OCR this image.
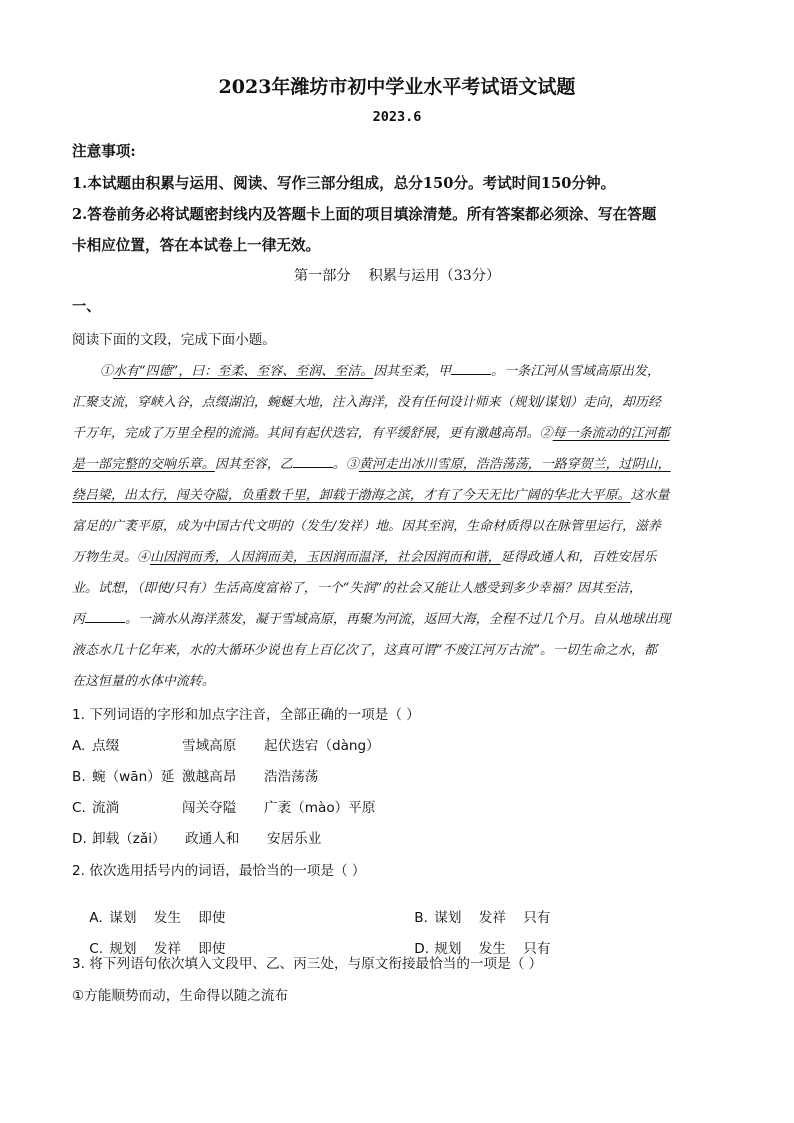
2023年潍坊市初中学业水平考试语文试题
2023.6
注意事项:
1.本试题由积累与运用、阅读、写作三部分组成，总分150分。考试时间150分钟。
2.答卷前务必将试题密封线内及答题卡上面的项目填涂清楚。所有答案都必须涂、写在答题
卡相应位置，答在本试卷上一律无效。
第一部分    积累与运用（33分）
一、
阅读下面的文段，完成下面小题。
①水有“四德”，曰：至柔、至容、至润、至洁。因其至柔，甲	。一条江河从雪域高原出发，
汇聚支流，穿峡入谷，点缀湖泊，蜿蜒大地，注入海洋，没有任何设计师来（规划/谋划）走向，却历经
千万年，完成了万里全程的流淌。其间有起伏迭宕，有平缓舒展，更有激越高昂。②每一条流动的江河都
是一部完整的交响乐章。因其至容，乙	。③黄河走出冰川雪原，浩浩荡荡，一路穿贺兰，过阴山，
绕吕梁，出太行，闯关夺隘，负重数千里，卸载于渤海之滨，才有了今天无比广阔的华北大平原。这水量
富足的广袤平原，成为中国古代文明的（发生/发祥）地。因其至润，生命材质得以在脉管里运行，滋养
万物生灵。④山因润而秀，人因润而美，玉因润而温泽，社会因润而和谐，延得政通人和，百姓安居乐
业。试想，（即使/只有）生活高度富裕了，一个“失润”的社会又能让人感受到多少幸福？因其至洁，
丙	。一滴水从海洋蒸发，凝于雪域高原，再聚为河流，返回大海，全程不过几个月。自从地球出现
液态水几十亿年来，水的大循环少说也有上百亿次了，这真可谓“不废江河万古流”。一切生命之水，都
在这恒量的水体中流转。
1. 下列词语的字形和加点字注音，全部正确的一项是（ ）
A. 点缀	雪域高原 起伏迭宕（dàng）
B. 蜿（wān）延 激越高昂 浩浩荡荡
C. 流淌	闯关夺隘 广袤（mào）平原
D. 卸载（zǎi） 政通人和 安居乐业
2. 依次选用括号内的词语，最恰当的一项是（ ）

A. 谋划    发生    即使
	B. 谋划    发祥    只有

C. 规划    发祥    即使
	D. 规划    发生    只有

3. 将下列语句依次填入文段甲、乙、丙三处，与原文衔接最恰当的一项是（ ）
①方能顺势而动，生命得以随之流布
